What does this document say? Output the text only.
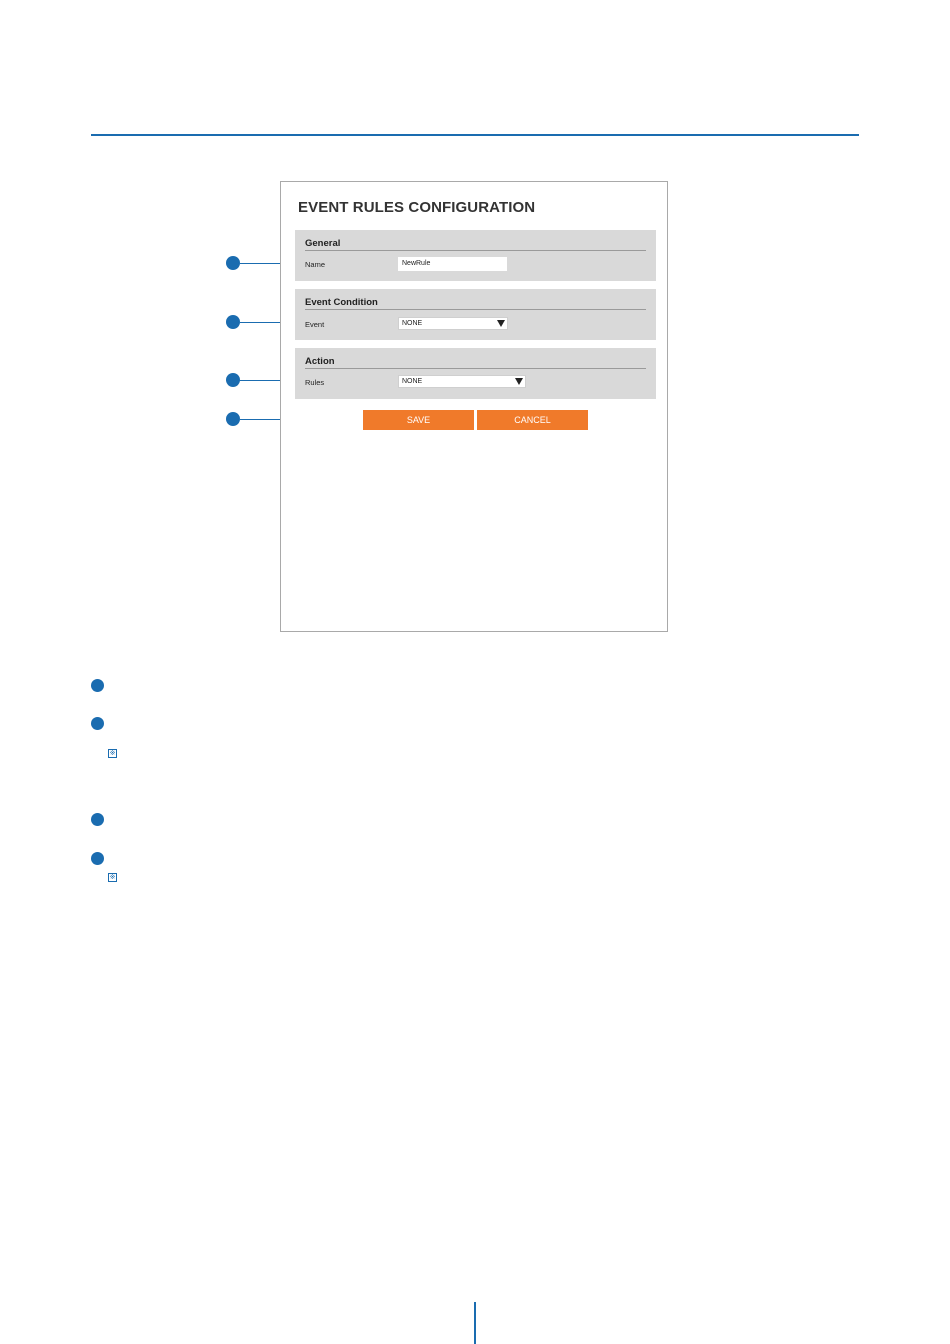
EVENT RULES CONFIGURATION
General
Name	NewRule
Event Condition
Event	NONE
Action
Rules	NONE
SAVE	CANCEL
※
※
